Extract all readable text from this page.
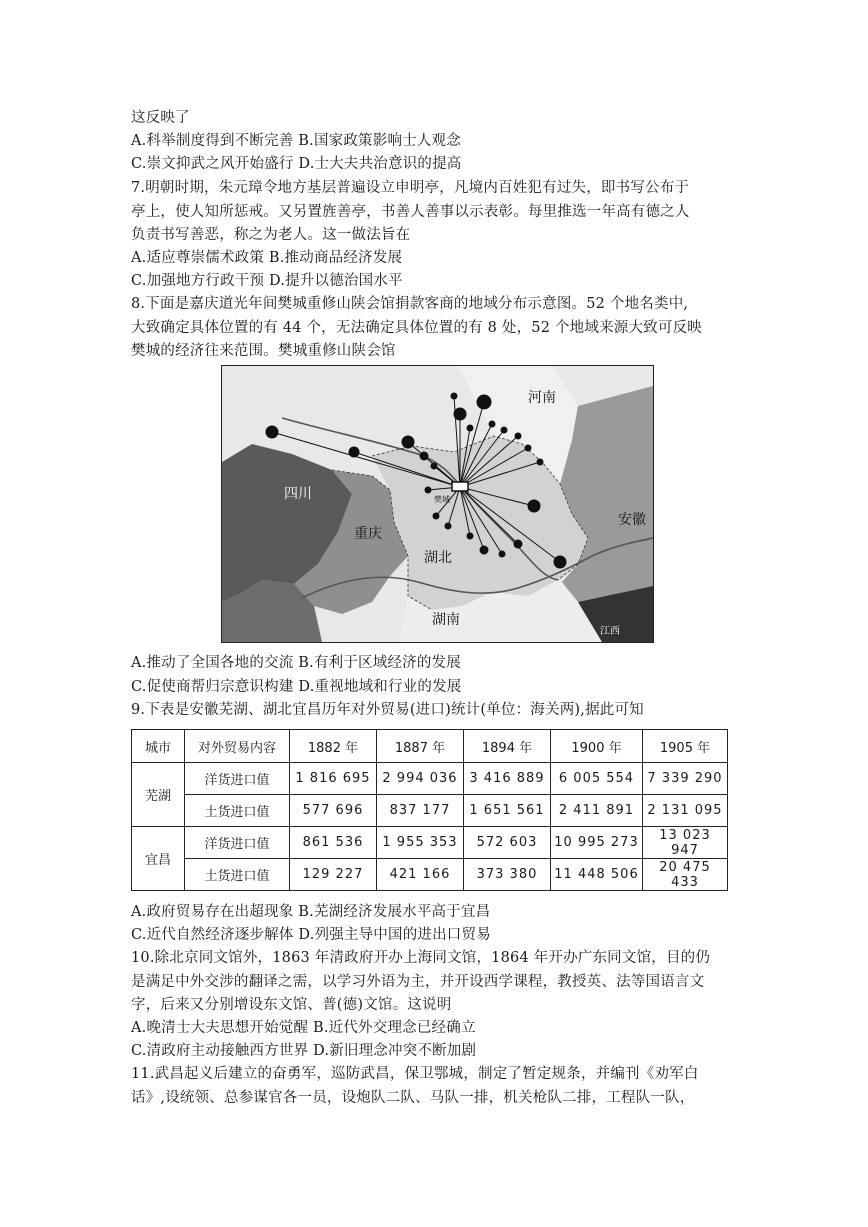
这反映了
A.科举制度得到不断完善 B.国家政策影响士人观念
C.崇文抑武之风开始盛行 D.士大夫共治意识的提高
7.明朝时期，朱元璋令地方基层普遍设立申明亭，凡境内百姓犯有过失，即书写公布于
亭上，使人知所惩戒。又另置旌善亭，书善人善事以示表彰。每里推选一年高有德之人
负责书写善恶，称之为老人。这一做法旨在
A.适应尊崇儒术政策 B.推动商品经济发展
C.加强地方行政干预 D.提升以德治国水平
8.下面是嘉庆道光年间樊城重修山陕会馆捐款客商的地域分布示意图。52 个地名类中,
大致确定具体位置的有 44 个，无法确定具体位置的有 8 处，52 个地域来源大致可反映
樊城的经济往来范围。樊城重修山陕会馆
河南
四川
安徽
重庆
湖北
湖南
江西
樊城
A.推动了全国各地的交流 B.有利于区域经济的发展
C.促使商帮归宗意识构建 D.重视地域和行业的发展
9.下表是安徽芜湖、湖北宜昌历年对外贸易(进口)统计(单位：海关两),据此可知
城市	对外贸易内容	1882 年	1887 年	1894 年	1900 年	1905 年
芜湖	洋货进口值	1 816 695	2 994 036	3 416 889	6 005 554	7 339 290
	土货进口值	577 696	837 177	1 651 561	2 411 891	2 131 095
宜昌	洋货进口值	861 536	1 955 353	572 603	10 995 273	13 023 947
	土货进口值	129 227	421 166	373 380	11 448 506	20 475 433
A.政府贸易存在出超现象 B.芜湖经济发展水平高于宜昌
C.近代自然经济逐步解体 D.列强主导中国的进出口贸易
10.除北京同文馆外，1863 年清政府开办上海同文馆，1864 年开办广东同文馆，目的仍
是满足中外交涉的翻译之需，以学习外语为主，并开设西学课程，教授英、法等国语言文
字，后来又分别增设东文馆、普(德)文馆。这说明
A.晚清士大夫思想开始觉醒 B.近代外交理念已经确立
C.清政府主动接触西方世界 D.新旧理念冲突不断加剧
11.武昌起义后建立的奋勇军，巡防武昌，保卫鄂城，制定了暂定规条，并编刊《劝军白
话》,设统领、总参谋官各一员，设炮队二队、马队一排，机关枪队二排，工程队一队，
